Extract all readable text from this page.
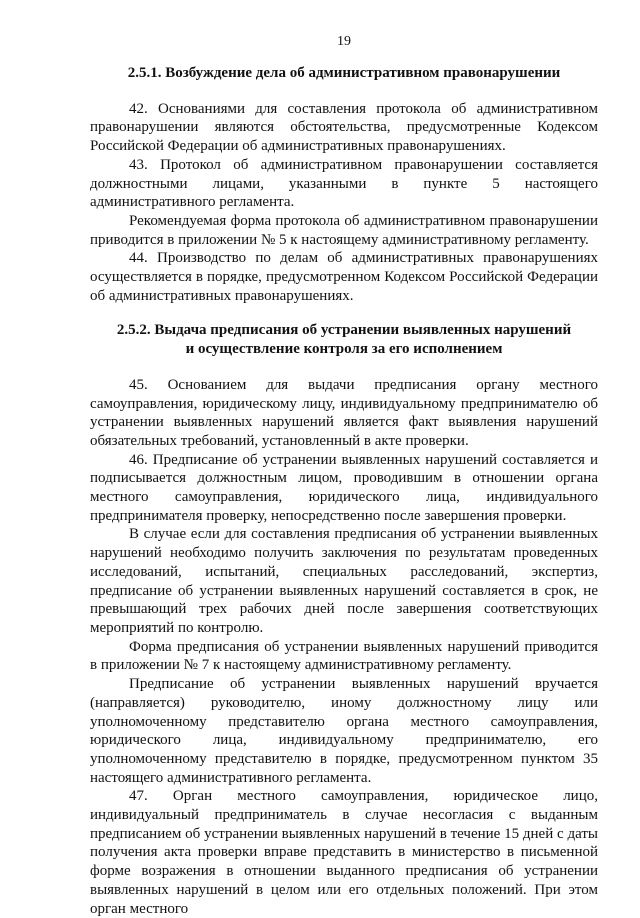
19
2.5.1. Возбуждение дела об административном правонарушении

42. Основаниями для составления протокола об административном правонарушении являются обстоятельства, предусмотренные Кодексом Российской Федерации об административных правонарушениях.

43. Протокол об административном правонарушении составляется должностными лицами, указанными в пункте 5 настоящего административного регламента.

Рекомендуемая форма протокола об административном правонарушении приводится в приложении № 5 к настоящему административному регламенту.

44. Производство по делам об административных правонарушениях осуществляется в порядке, предусмотренном Кодексом Российской Федерации об административных правонарушениях.

2.5.2. Выдача предписания об устранении выявленных нарушений
и осуществление контроля за его исполнением

45. Основанием для выдачи предписания органу местного самоуправления, юридическому лицу, индивидуальному предпринимателю об устранении выявленных нарушений является факт выявления нарушений обязательных требований, установленный в акте проверки.

46. Предписание об устранении выявленных нарушений составляется и подписывается должностным лицом, проводившим в отношении органа местного самоуправления, юридического лица, индивидуального предпринимателя проверку, непосредственно после завершения проверки.

В случае если для составления предписания об устранении выявленных нарушений необходимо получить заключения по результатам проведенных исследований, испытаний, специальных расследований, экспертиз, предписание об устранении выявленных нарушений составляется в срок, не превышающий трех рабочих дней после завершения соответствующих мероприятий по контролю.

Форма предписания об устранении выявленных нарушений приводится в приложении № 7 к настоящему административному регламенту.

Предписание об устранении выявленных нарушений вручается (направляется) руководителю, иному должностному лицу или уполномоченному представителю органа местного самоуправления, юридического лица, индивидуальному предпринимателю, его уполномоченному представителю в порядке, предусмотренном пунктом 35 настоящего административного регламента.

47. Орган местного самоуправления, юридическое лицо, индивидуальный предприниматель в случае несогласия с выданным предписанием об устранении выявленных нарушений в течение 15 дней с даты получения акта проверки вправе представить в министерство в письменной форме возражения в отношении выданного предписания об устранении выявленных нарушений в целом или его отдельных положений. При этом орган местного
